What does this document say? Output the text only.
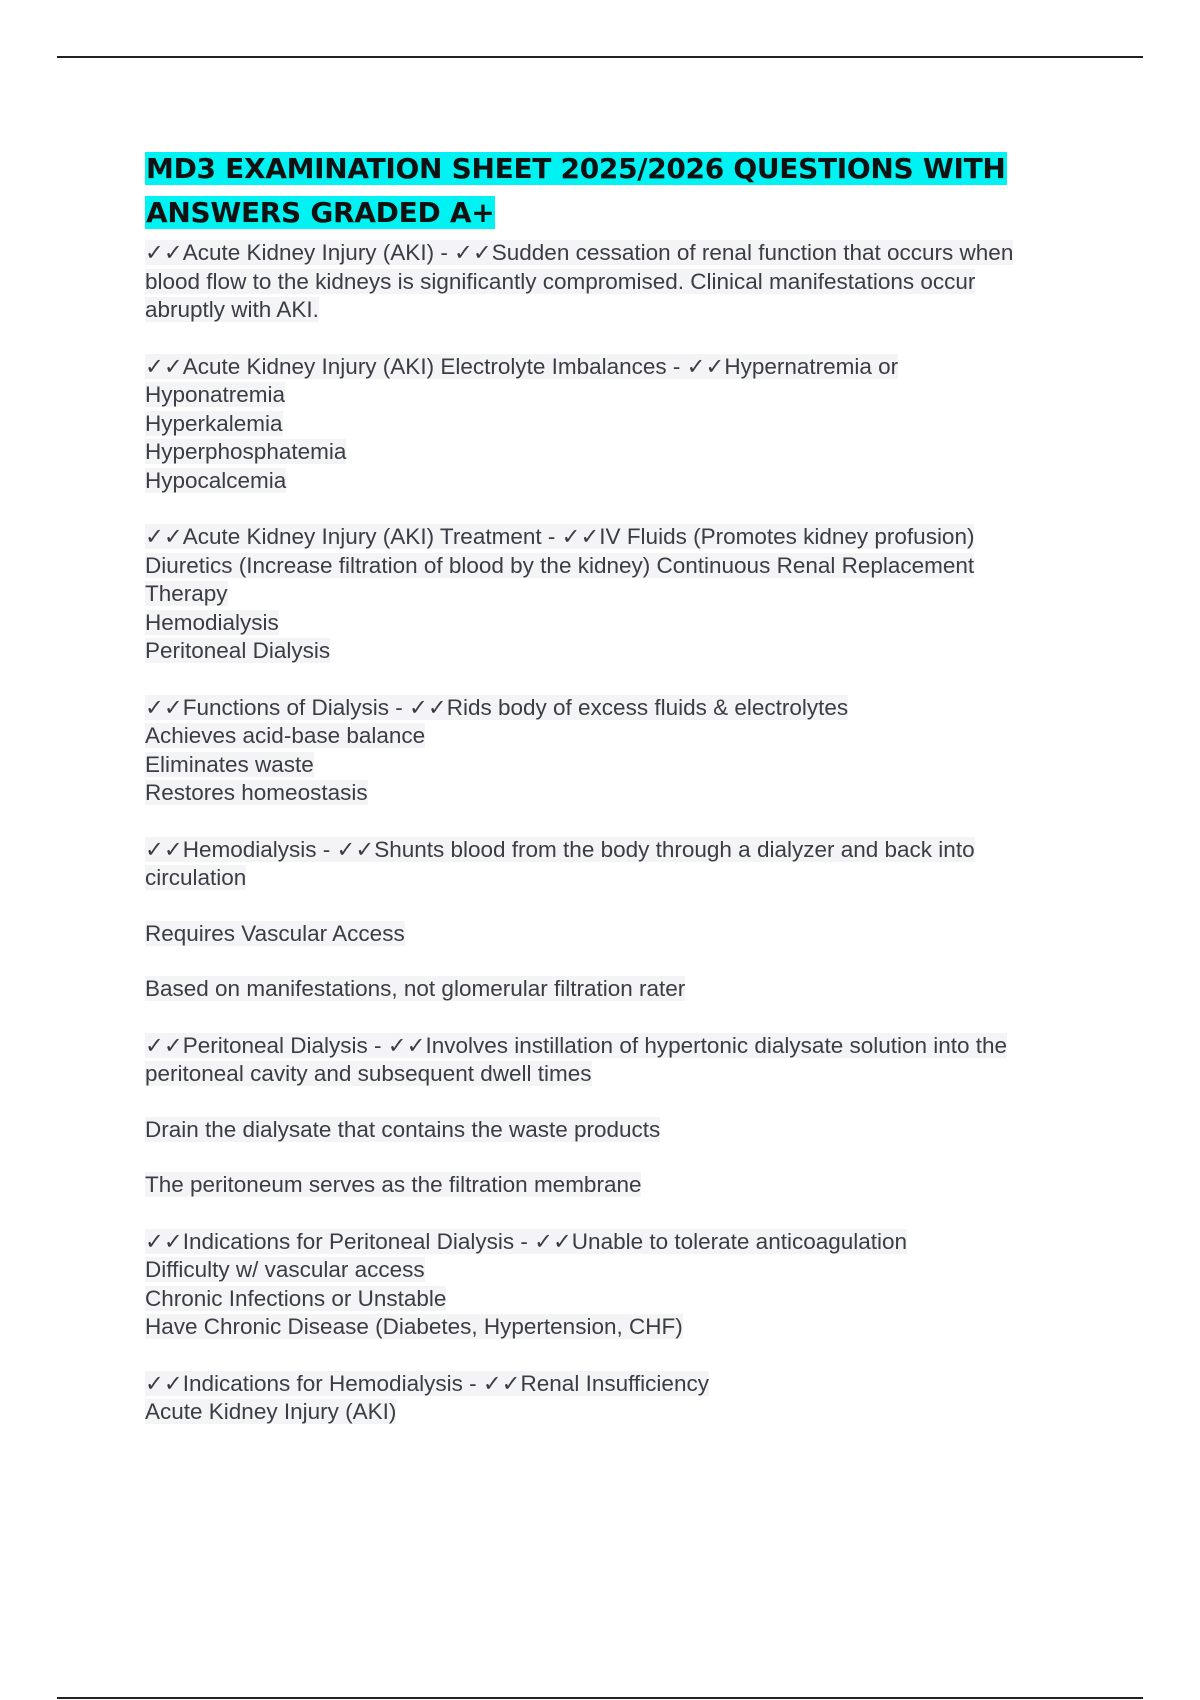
MD3 EXAMINATION SHEET 2025/2026 QUESTIONS WITH ANSWERS GRADED A+
✓✓Acute Kidney Injury (AKI) - ✓✓Sudden cessation of renal function that occurs when
blood flow to the kidneys is significantly compromised. Clinical manifestations occur
abruptly with AKI.
✓✓Acute Kidney Injury (AKI) Electrolyte Imbalances - ✓✓Hypernatremia or
Hyponatremia
Hyperkalemia
Hyperphosphatemia
Hypocalcemia
✓✓Acute Kidney Injury (AKI) Treatment - ✓✓IV Fluids (Promotes kidney profusion)
Diuretics (Increase filtration of blood by the kidney) Continuous Renal Replacement
Therapy
Hemodialysis
Peritoneal Dialysis
✓✓Functions of Dialysis - ✓✓Rids body of excess fluids & electrolytes
Achieves acid-base balance
Eliminates waste
Restores homeostasis
✓✓Hemodialysis - ✓✓Shunts blood from the body through a dialyzer and back into
circulation
Requires Vascular Access
Based on manifestations, not glomerular filtration rater
✓✓Peritoneal Dialysis - ✓✓Involves instillation of hypertonic dialysate solution into the
peritoneal cavity and subsequent dwell times
Drain the dialysate that contains the waste products
The peritoneum serves as the filtration membrane
✓✓Indications for Peritoneal Dialysis - ✓✓Unable to tolerate anticoagulation
Difficulty w/ vascular access
Chronic Infections or Unstable
Have Chronic Disease (Diabetes, Hypertension, CHF)
✓✓Indications for Hemodialysis - ✓✓Renal Insufficiency
Acute Kidney Injury (AKI)
